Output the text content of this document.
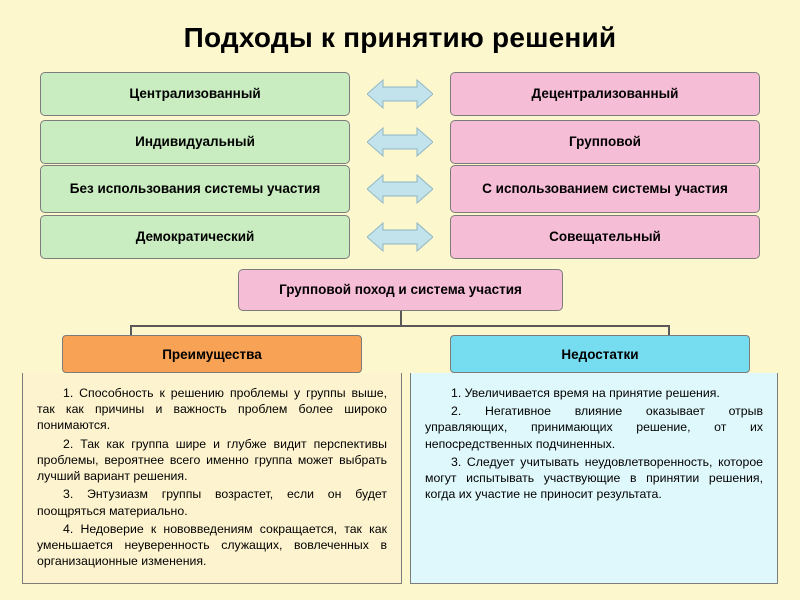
Подходы к принятию решений
Централизованный	Децентрализованный
Индивидуальный	Групповой
Без использования системы участия	С использованием системы участия
Демократический	Совещательный
Групповой поход и система участия
Преимущества	Недостатки

1. Способность к решению проблемы у группы выше, так как причины и важность проблем более широко понимаются.

2. Так как группа шире и глубже видит перспективы проблемы, вероятнее всего именно группа может выбрать лучший вариант решения.

3. Энтузиазм группы возрастет, если он будет поощряться материально.

4. Недоверие к нововведениям сокращается, так как уменьшается неуверенность служащих, вовлеченных в организационные изменения.

1. Увеличивается время на принятие решения.

2. Негативное влияние оказывает отрыв управляющих, принимающих решение, от их непосредственных подчиненных.

3. Следует учитывать неудовлетворенность, которое могут испытывать участвующие в принятии решения, когда их участие не приносит результата.
